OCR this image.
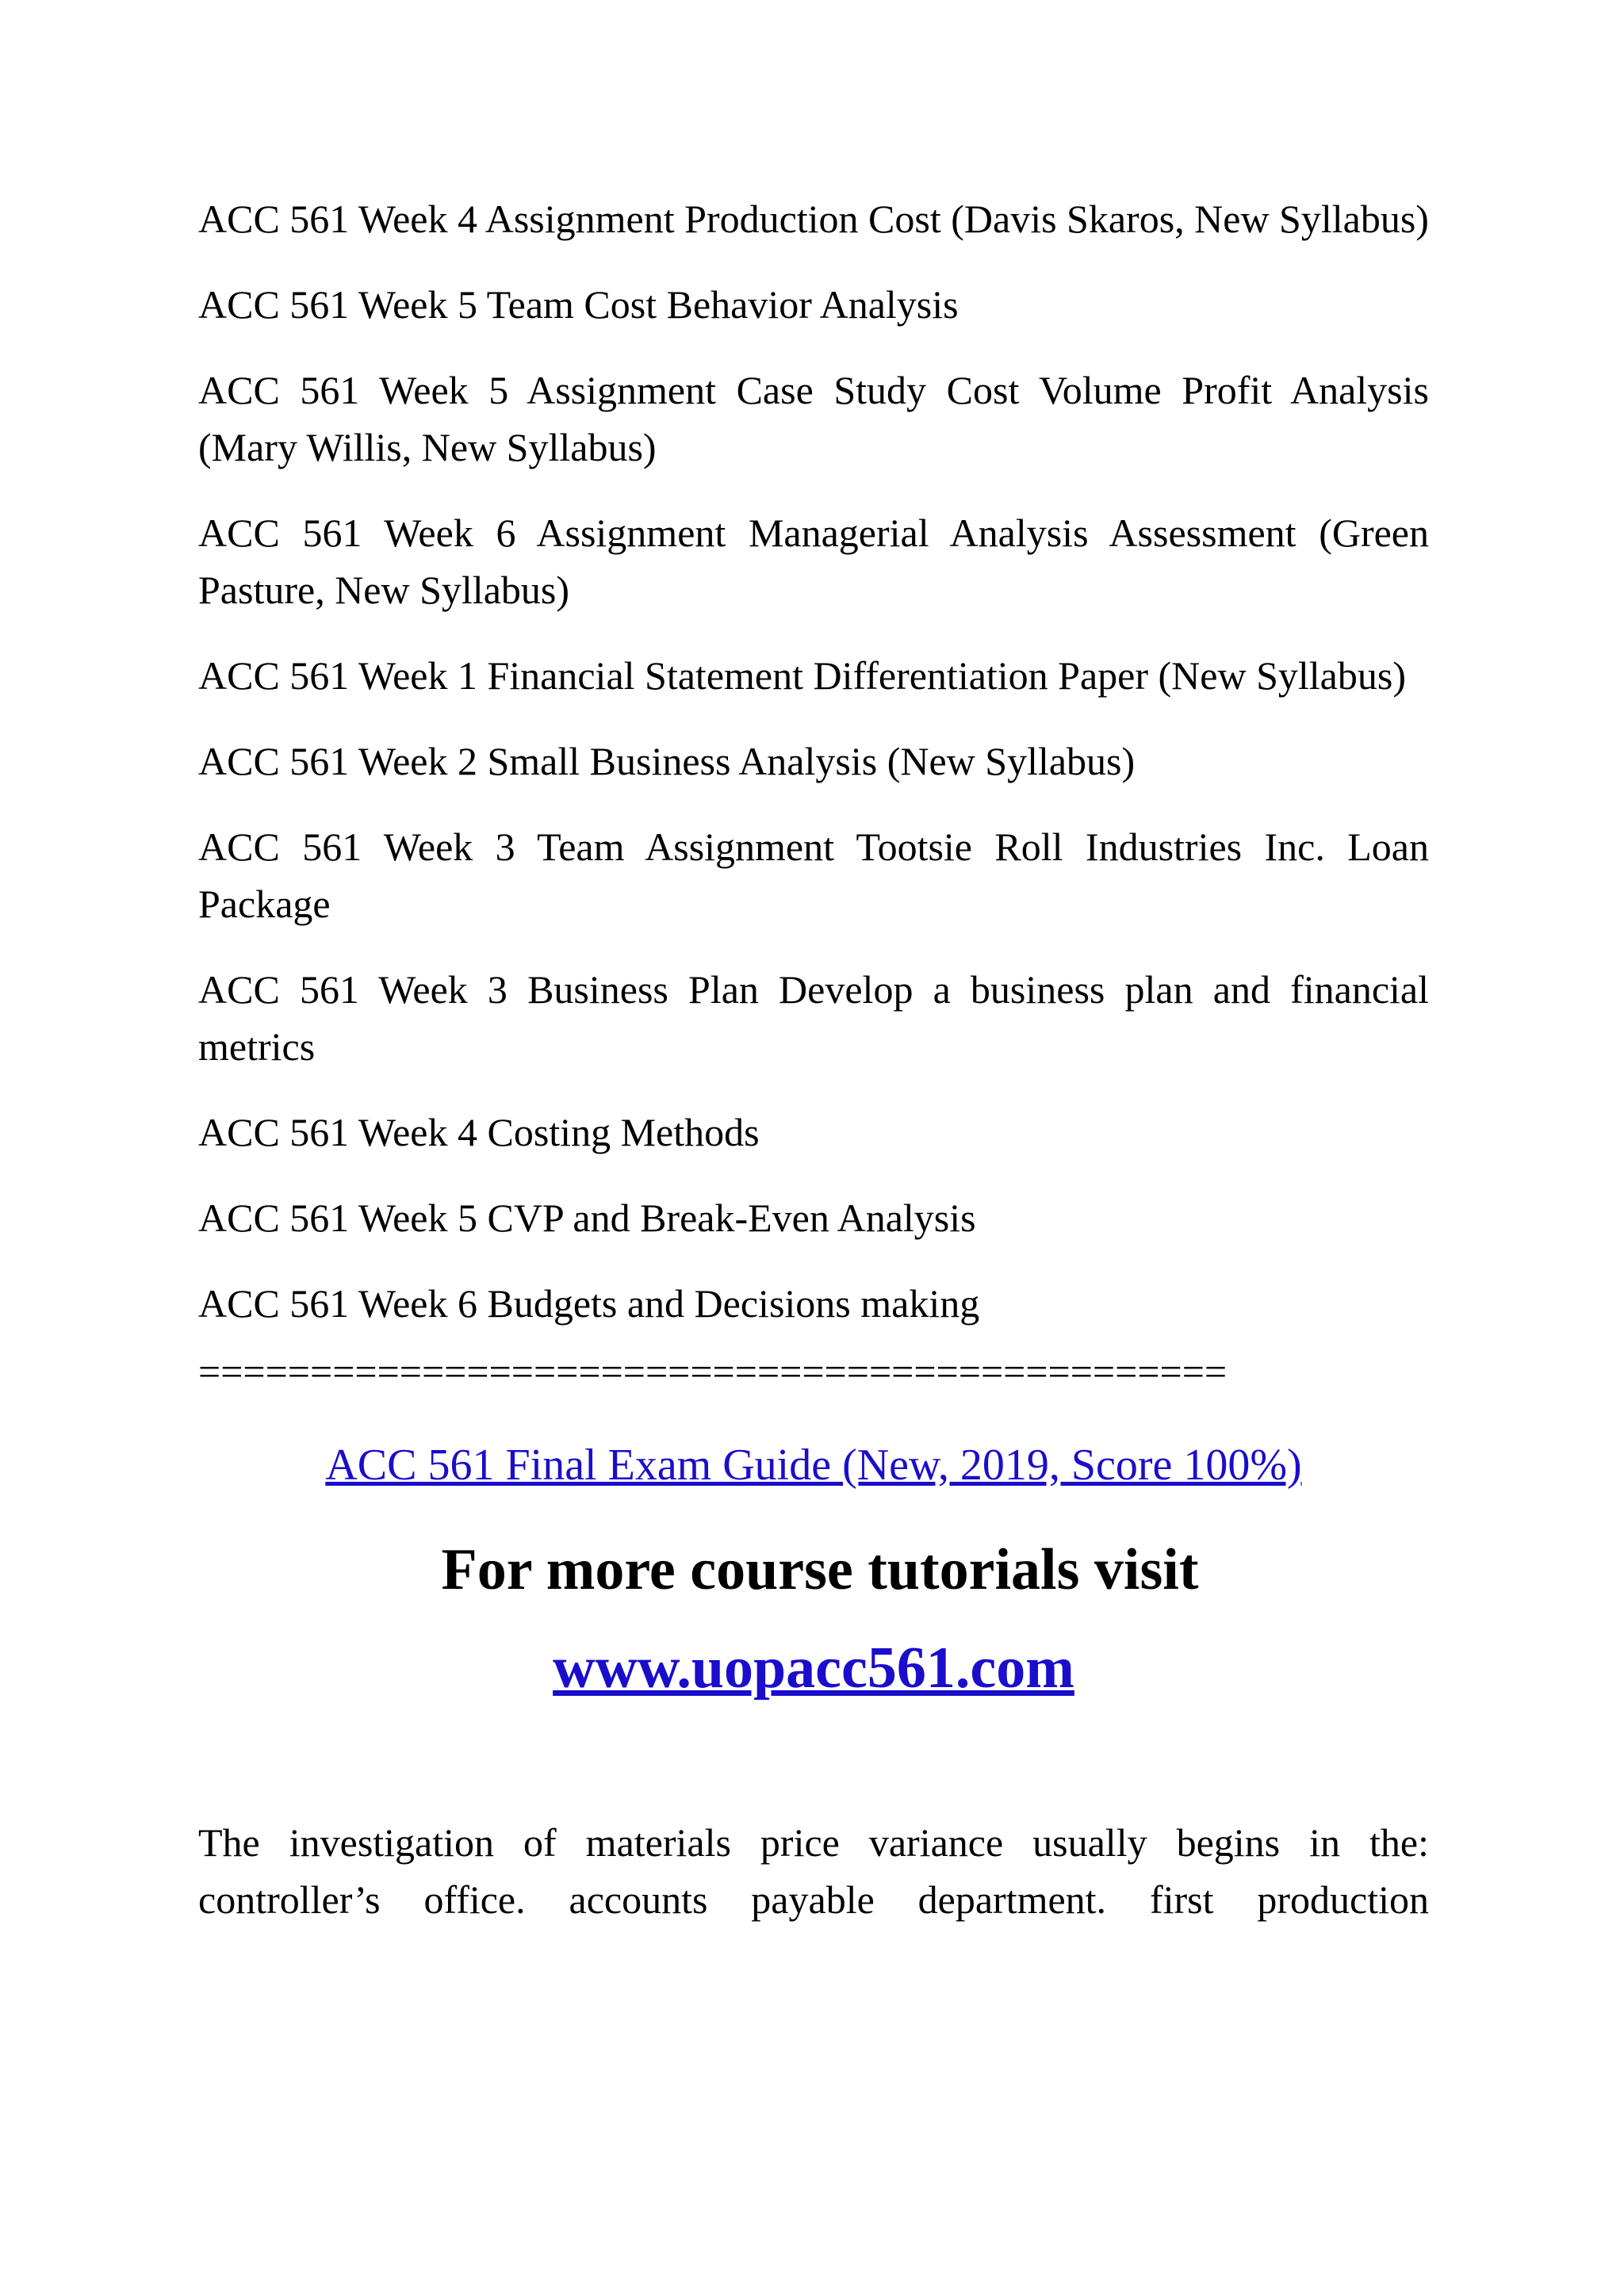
ACC 561 Week 4 Assignment Production Cost (Davis Skaros, New Syllabus)

ACC 561 Week 5 Team Cost Behavior Analysis

ACC 561 Week 5 Assignment Case Study Cost Volume Profit Analysis (Mary Willis, New Syllabus)

ACC 561 Week 6 Assignment Managerial Analysis Assessment (Green Pasture, New Syllabus)

ACC 561 Week 1 Financial Statement Differentiation Paper (New Syllabus)

ACC 561 Week 2 Small Business Analysis (New Syllabus)

ACC 561 Week 3 Team Assignment Tootsie Roll Industries Inc. Loan Package

ACC 561 Week 3 Business Plan Develop a business plan and financial metrics

ACC 561 Week 4 Costing Methods

ACC 561 Week 5 CVP and Break-Even Analysis

ACC 561 Week 6 Budgets and Decisions making

==============================================
ACC 561 Final Exam Guide (New, 2019, Score 100%)
For more course tutorials visit
www.uopacc561.com

The investigation of materials price variance usually begins in the: controller’s office. accounts payable department. first production
